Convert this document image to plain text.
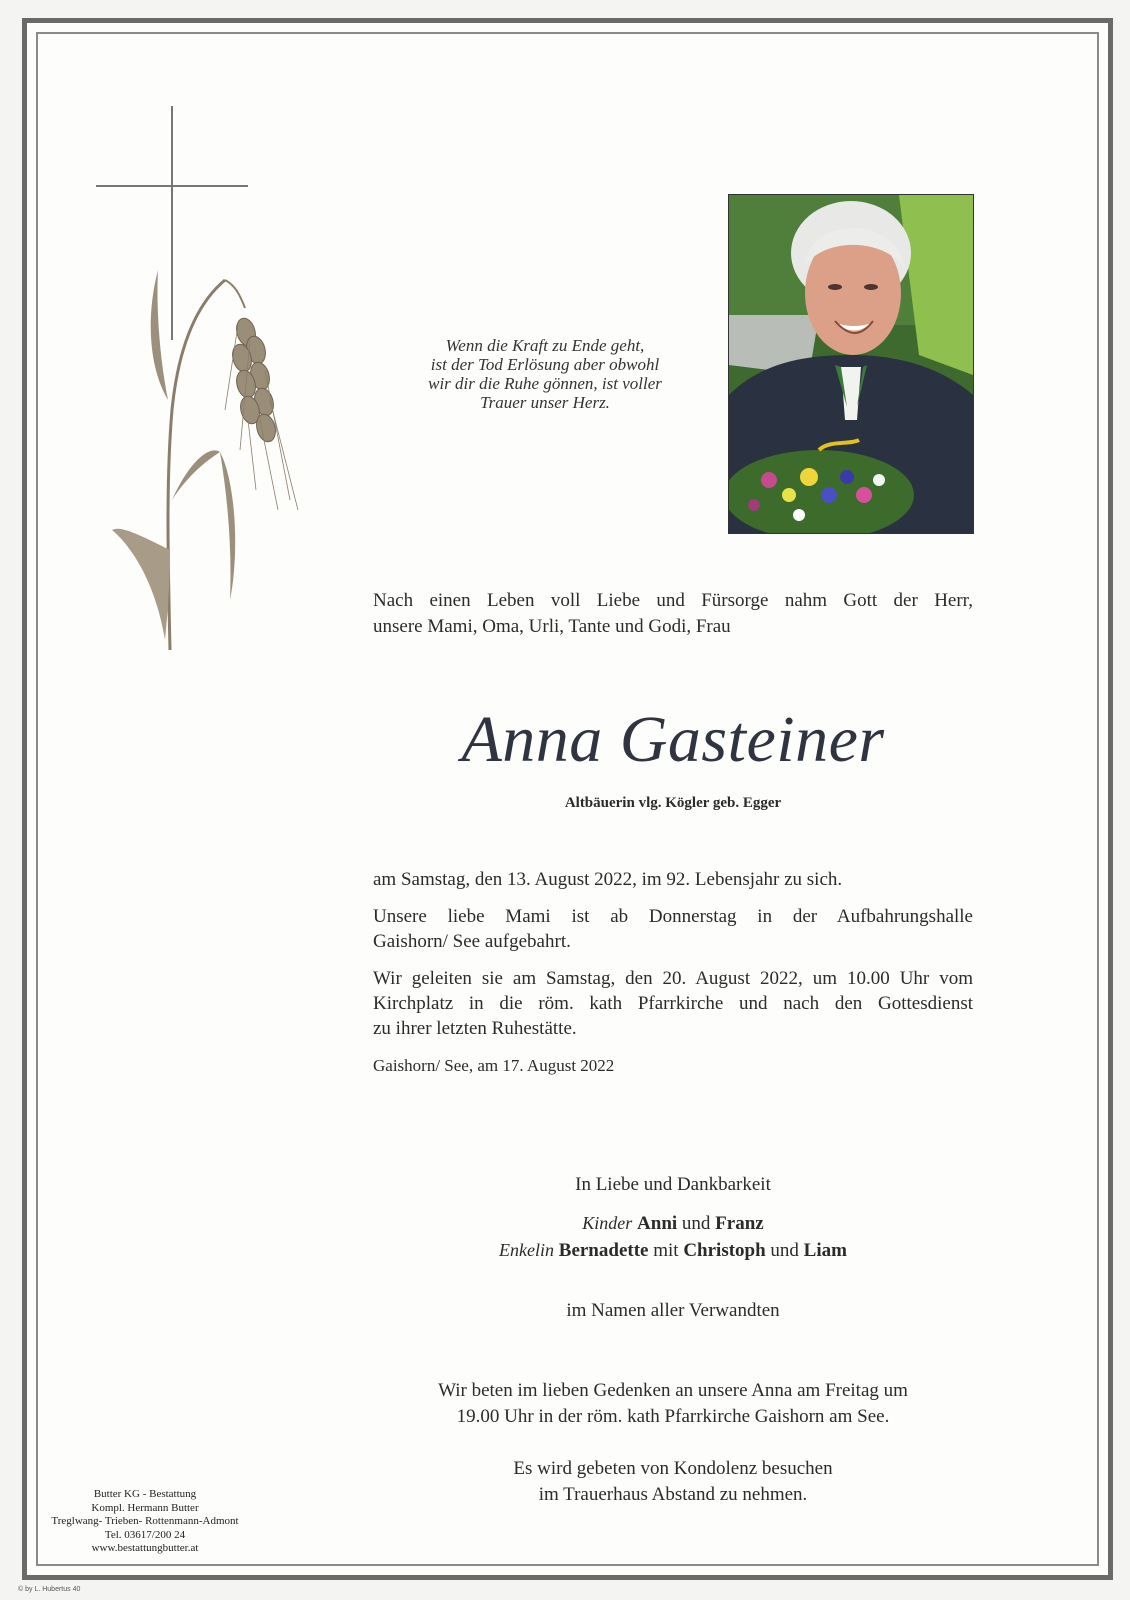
Wenn die Kraft zu Ende geht,
ist der Tod Erlösung aber obwohl
wir dir die Ruhe gönnen, ist voller
Trauer unser Herz.
Nach einen Leben voll Liebe und Fürsorge nahm Gott der Herr,
unsere Mami, Oma, Urli, Tante und Godi, Frau
Anna Gasteiner
Altbäuerin vlg. Kögler geb. Egger

am Samstag, den 13. August 2022, im 92. Lebensjahr zu sich.

Unsere liebe Mami ist ab Donnerstag in der Aufbahrungshalle
Gaishorn/ See aufgebahrt.

Wir geleiten sie am Samstag, den 20. August 2022, um 10.00 Uhr vom
Kirchplatz in die röm. kath Pfarrkirche und nach den Gottesdienst
zu ihrer letzten Ruhestätte.

Gaishorn/ See, am 17. August 2022

In Liebe und Dankbarkeit
Kinder Anni und Franz
Enkelin Bernadette mit Christoph und Liam
im Namen aller Verwandten
Wir beten im lieben Gedenken an unsere Anna am Freitag um
19.00 Uhr in der röm. kath Pfarrkirche Gaishorn am See.
Es wird gebeten von Kondolenz besuchen
im Trauerhaus Abstand zu nehmen.
Butter KG - Bestattung
Kompl. Hermann Butter
Treglwang- Trieben- Rottenmann-Admont
Tel. 03617/200 24
www.bestattungbutter.at
© by L. Hubertus 40
